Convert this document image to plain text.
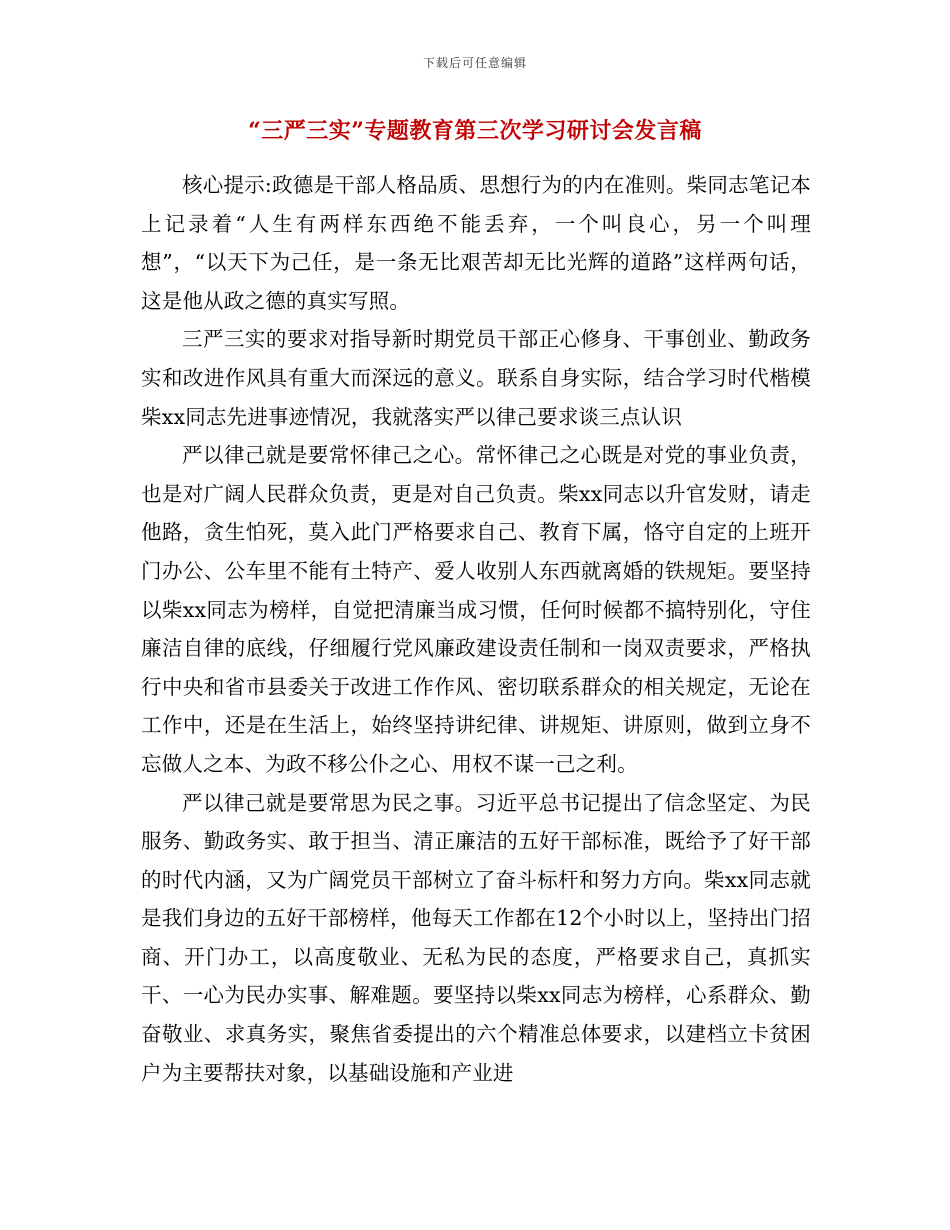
下载后可任意编辑
“三严三实”专题教育第三次学习研讨会发言稿

核心提示:政德是干部人格品质、思想行为的内在准则。柴同志笔记本上记录着“人生有两样东西绝不能丢弃，一个叫良心，另一个叫理想”，“以天下为己任，是一条无比艰苦却无比光辉的道路”这样两句话，这是他从政之德的真实写照。

三严三实的要求对指导新时期党员干部正心修身、干事创业、勤政务实和改进作风具有重大而深远的意义。联系自身实际，结合学习时代楷模柴xx同志先进事迹情况，我就落实严以律己要求谈三点认识

严以律己就是要常怀律己之心。常怀律己之心既是对党的事业负责，也是对广阔人民群众负责，更是对自己负责。柴xx同志以升官发财，请走他路，贪生怕死，莫入此门严格要求自己、教育下属，恪守自定的上班开门办公、公车里不能有土特产、爱人收别人东西就离婚的铁规矩。要坚持以柴xx同志为榜样，自觉把清廉当成习惯，任何时候都不搞特别化，守住廉洁自律的底线，仔细履行党风廉政建设责任制和一岗双责要求，严格执行中央和省市县委关于改进工作作风、密切联系群众的相关规定，无论在工作中，还是在生活上，始终坚持讲纪律、讲规矩、讲原则，做到立身不忘做人之本、为政不移公仆之心、用权不谋一己之利。

严以律己就是要常思为民之事。习近平总书记提出了信念坚定、为民服务、勤政务实、敢于担当、清正廉洁的五好干部标准，既给予了好干部的时代内涵，又为广阔党员干部树立了奋斗标杆和努力方向。柴xx同志就是我们身边的五好干部榜样，他每天工作都在12个小时以上，坚持出门招商、开门办工，以高度敬业、无私为民的态度，严格要求自己，真抓实干、一心为民办实事、解难题。要坚持以柴xx同志为榜样，心系群众、勤奋敬业、求真务实，聚焦省委提出的六个精准总体要求，以建档立卡贫困户为主要帮扶对象，以基础设施和产业进
